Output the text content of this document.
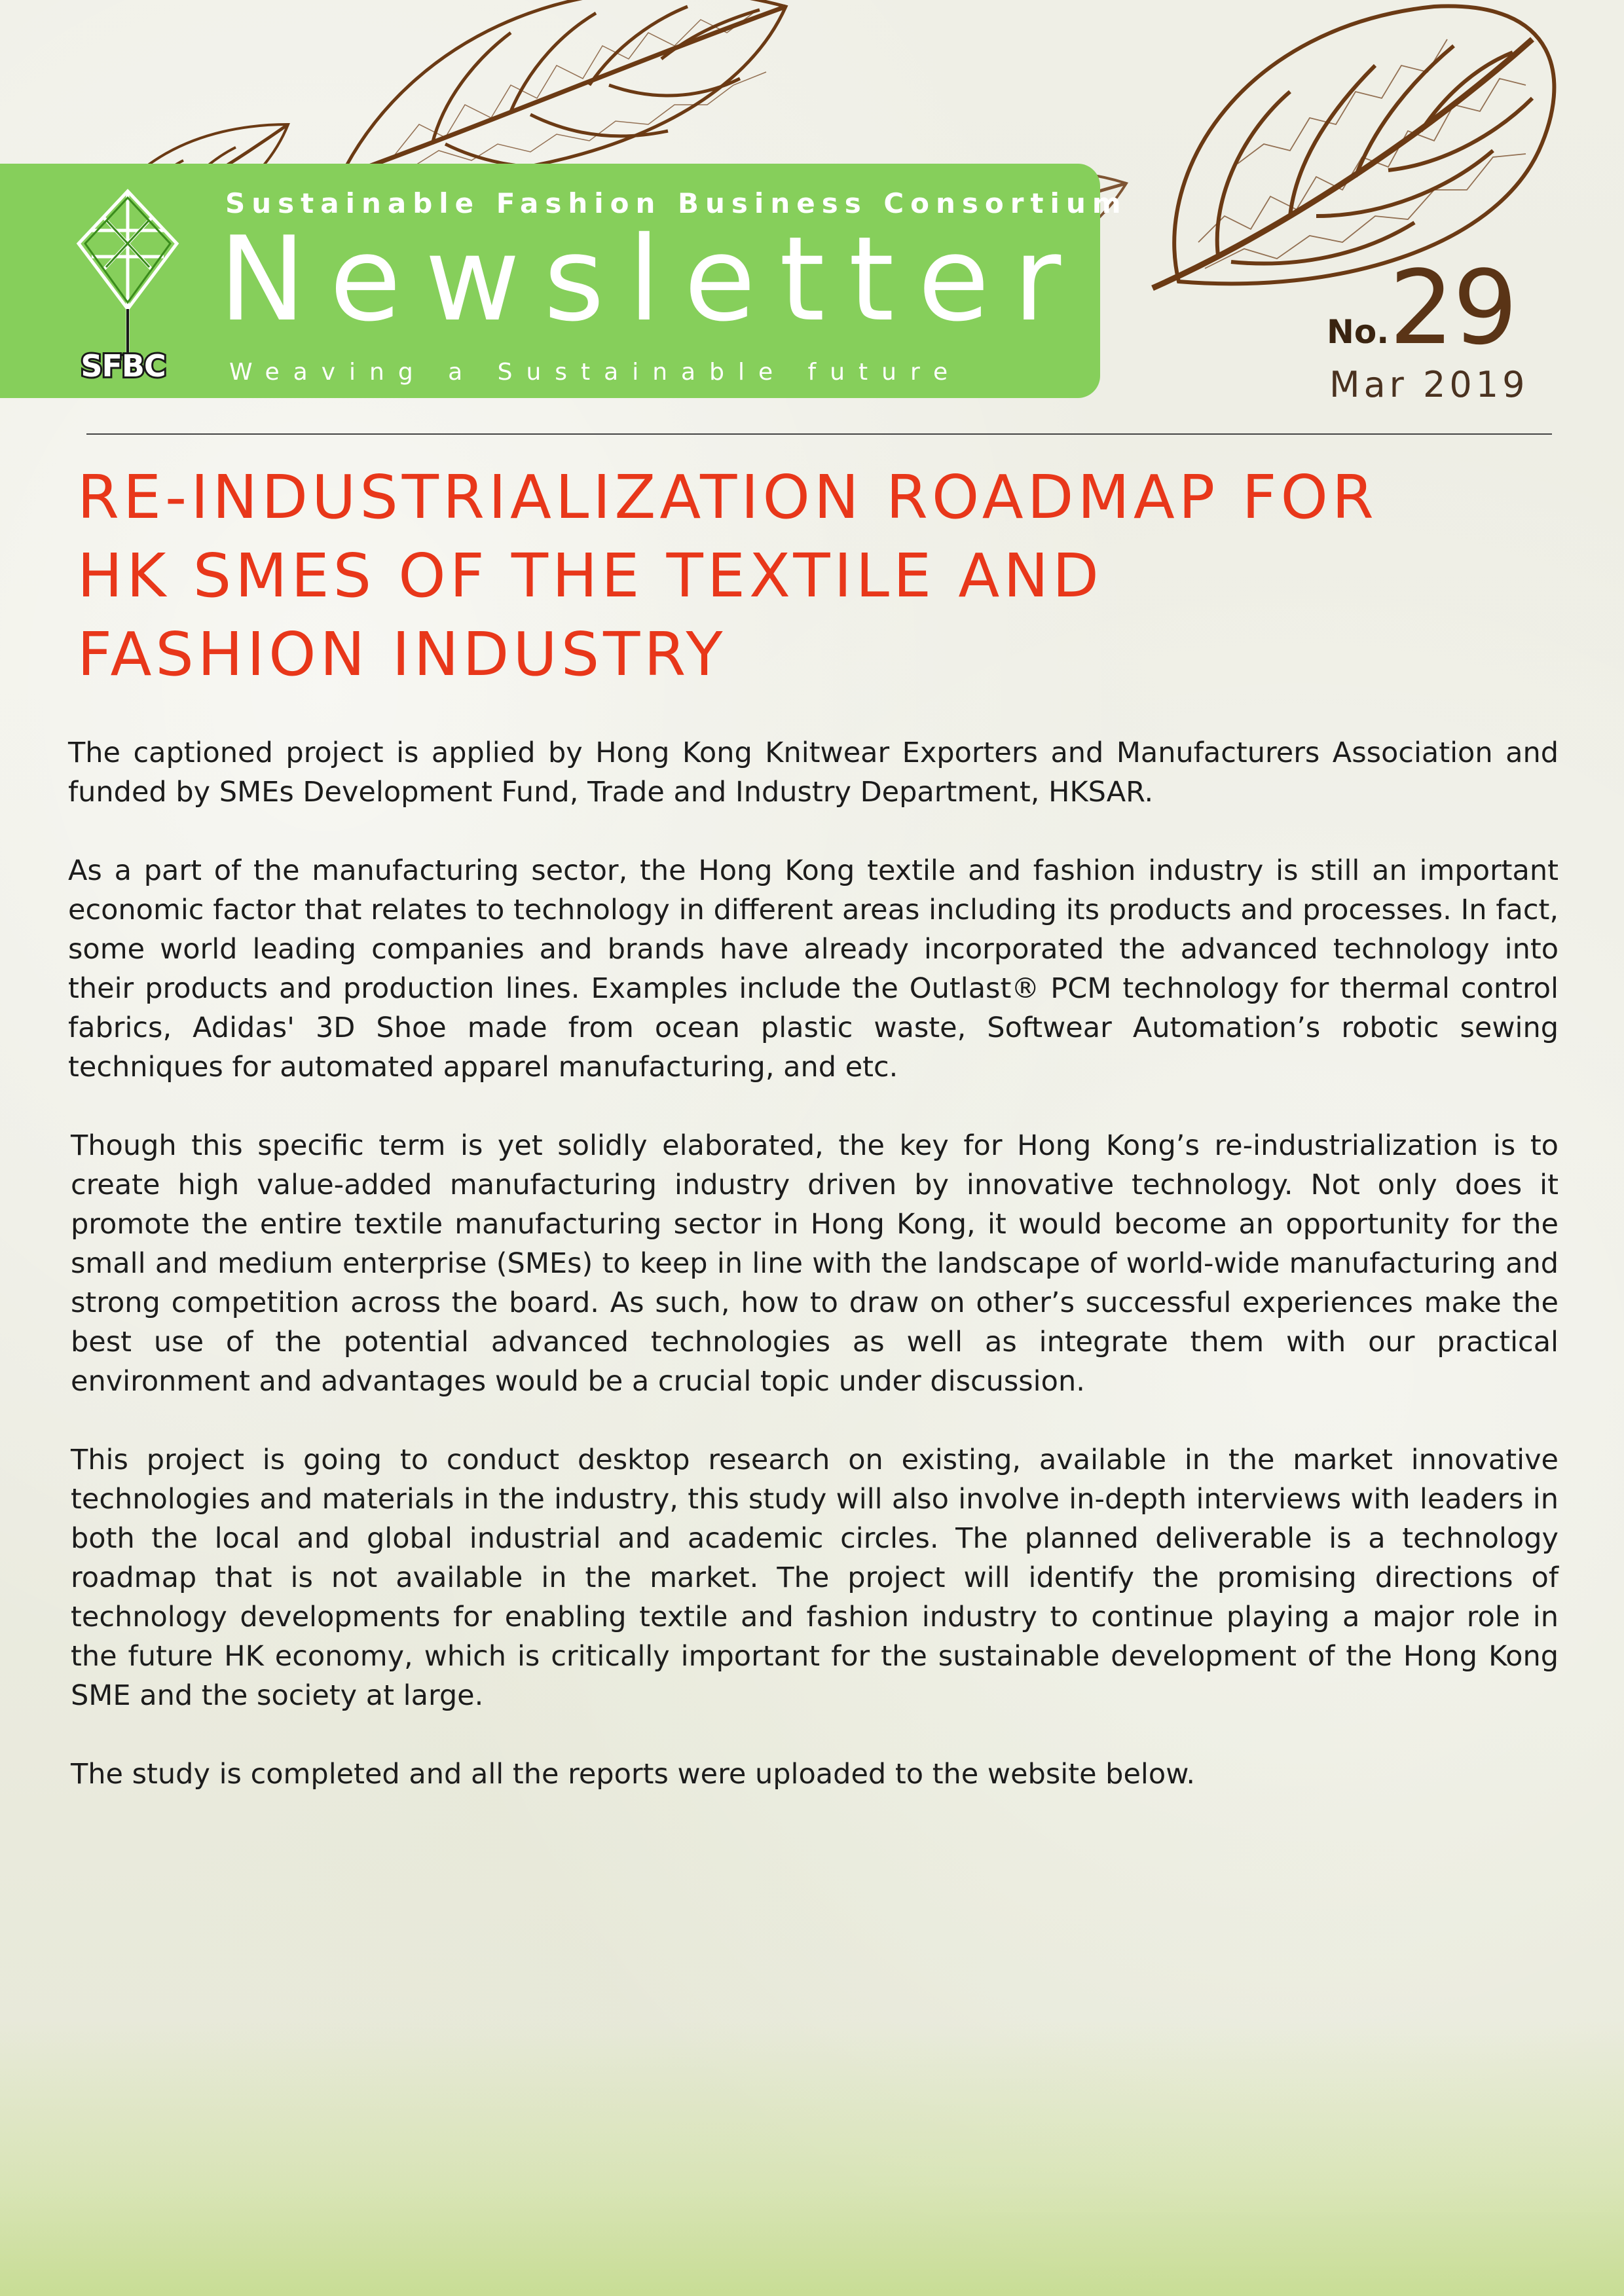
SFBC
Sustainable Fashion Business Consortium
Newsletter
Weaving a Sustainable future
No.29
Mar 2019
RE-INDUSTRIALIZATION ROADMAP FOR
HK SMES OF THE TEXTILE AND
FASHION INDUSTRY

The captioned project is applied by Hong Kong Knitwear Exporters and Manufacturers Association and funded by SMEs Development Fund, Trade and Industry Department, HKSAR.

As a part of the manufacturing sector, the Hong Kong textile and fashion industry is still an important economic factor that relates to technology in different areas including its products and processes. In fact, some world leading companies and brands have already incorporated the advanced technology into their products and production lines. Examples include the Outlast® PCM technology for thermal control fabrics, Adidas' 3D Shoe made from ocean plastic waste, Softwear Automation’s robotic sewing techniques for automated apparel manufacturing, and etc.

Though this specific term is yet solidly elaborated, the key for Hong Kong’s re-industrialization is to create high value-added manufacturing industry driven by innovative technology. Not only does it promote the entire textile manufacturing sector in Hong Kong, it would become an opportunity for the small and medium enterprise (SMEs) to keep in line with the landscape of world-wide manufacturing and strong competition across the board. As such, how to draw on other’s successful experiences make the best use of the potential advanced technologies as well as integrate them with our practical environment and advantages would be a crucial topic under discussion.

This project is going to conduct desktop research on existing, available in the market innovative technologies and materials in the industry, this study will also involve in-depth interviews with leaders in both the local and global industrial and academic circles. The planned deliverable is a technology roadmap that is not available in the market. The project will identify the promising directions of technology developments for enabling textile and fashion industry to continue playing a major role in the future HK economy, which is critically important for the sustainable development of the Hong Kong SME and the society at large.

The study is completed and all the reports were uploaded to the website below.
